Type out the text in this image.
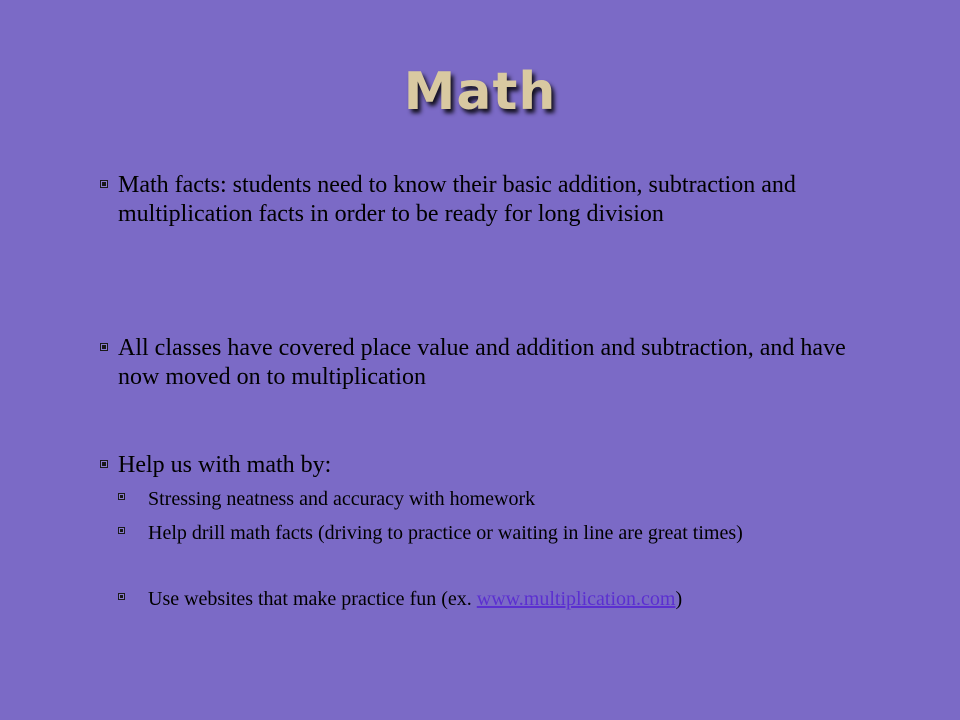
Math
Math facts: students need to know their basic addition, subtraction and multiplication facts in order to be ready for long division
All classes have covered place value and addition and subtraction, and have now moved on to multiplication
Help us with math by:
Stressing neatness and accuracy with homework
Help drill math facts (driving to practice or waiting in line are great times)
Use websites that make practice fun (ex. www.multiplication.com)
